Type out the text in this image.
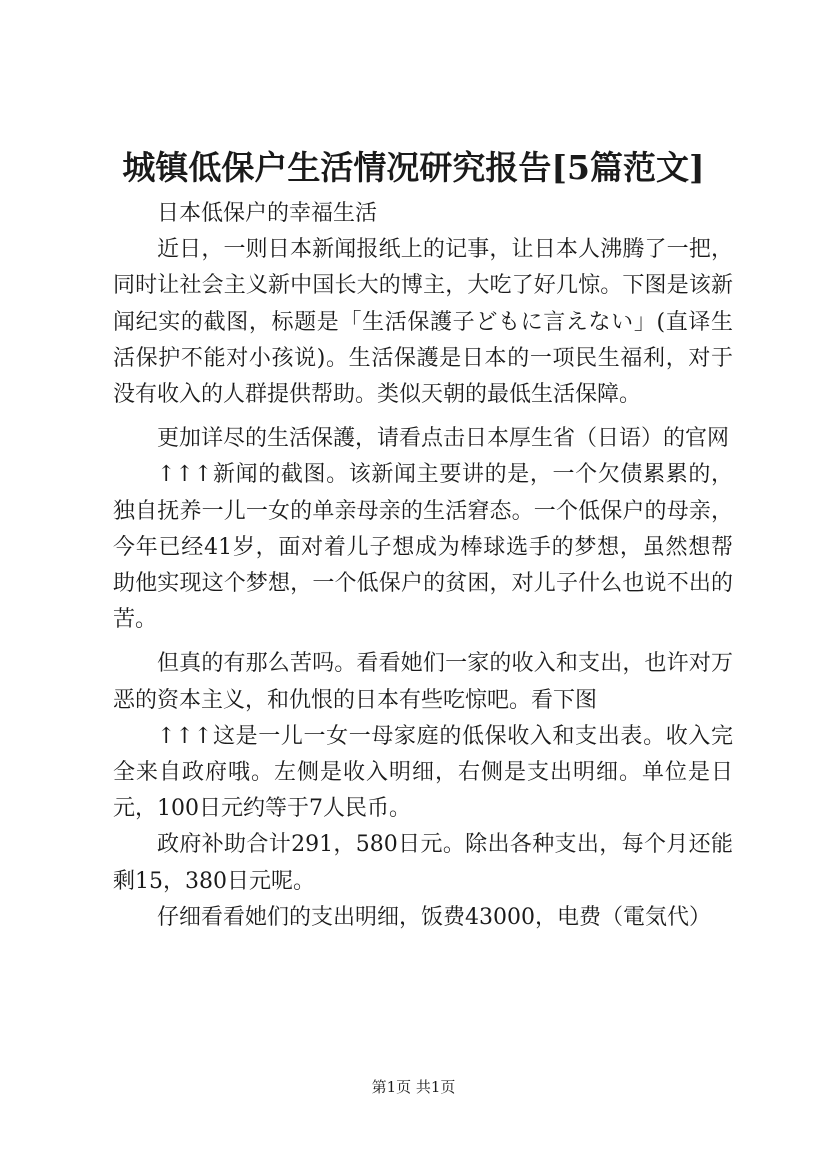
城镇低保户生活情况研究报告[5篇范文]

日本低保户的幸福生活

近日，一则日本新闻报纸上的记事，让日本人沸腾了一把，同时让社会主义新中国长大的博主，大吃了好几惊。下图是该新闻纪实的截图，标题是「生活保護子どもに言えない」(直译生活保护不能对小孩说)。生活保護是日本的一项民生福利，对于没有收入的人群提供帮助。类似天朝的最低生活保障。

更加详尽的生活保護，请看点击日本厚生省（日语）的官网

↑↑↑新闻的截图。该新闻主要讲的是，一个欠债累累的，独自抚养一儿一女的单亲母亲的生活窘态。一个低保户的母亲，今年已经41岁，面对着儿子想成为棒球选手的梦想，虽然想帮助他实现这个梦想，一个低保户的贫困，对儿子什么也说不出的苦。

但真的有那么苦吗。看看她们一家的收入和支出，也许对万恶的资本主义，和仇恨的日本有些吃惊吧。看下图

↑↑↑这是一儿一女一母家庭的低保收入和支出表。收入完全来自政府哦。左侧是收入明细，右侧是支出明细。单位是日元，100日元约等于7人民币。

政府补助合计291，580日元。除出各种支出，每个月还能剩15，380日元呢。

仔细看看她们的支出明细，饭费43000，电费（電気代）

第1页 共1页
